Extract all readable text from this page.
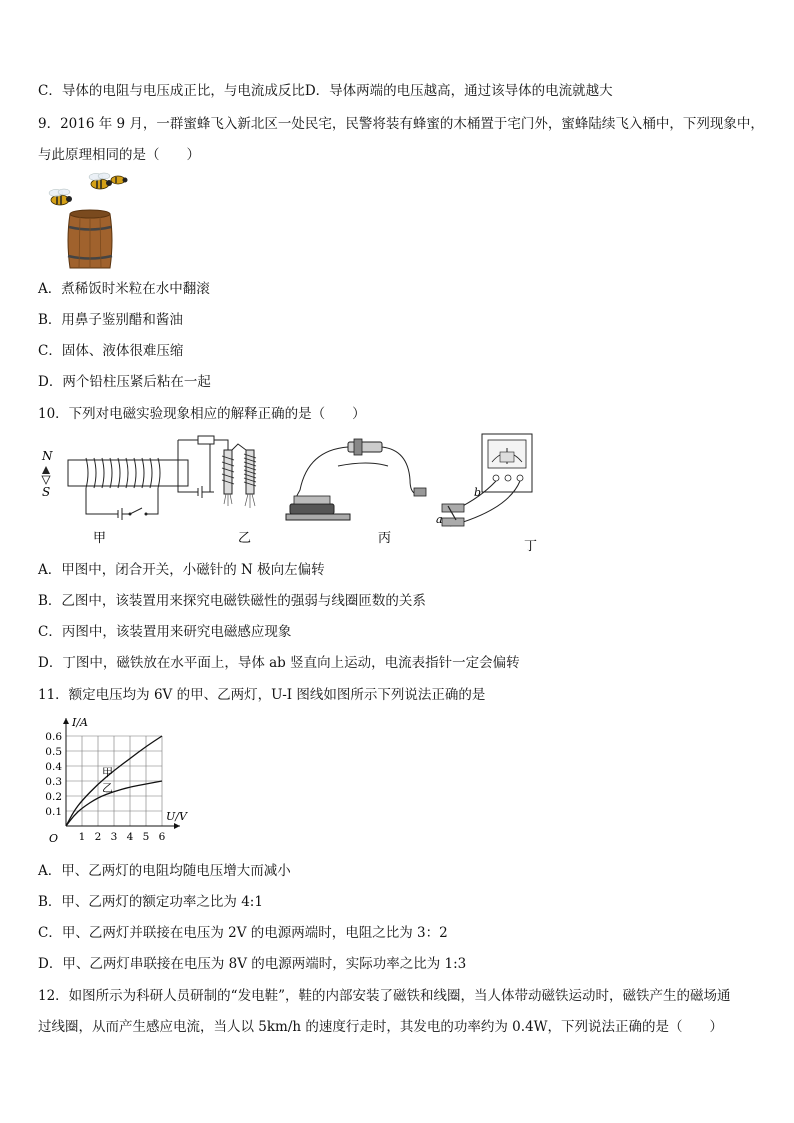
C．导体的电阻与电压成正比，与电流成反比D．导体两端的电压越高，通过该导体的电流就越大
9．2016 年 9 月，一群蜜蜂飞入新北区一处民宅，民警将装有蜂蜜的木桶置于宅门外，蜜蜂陆续飞入桶中，下列现象中，
与此原理相同的是（　　）
A．煮稀饭时米粒在水中翻滚
B．用鼻子鉴别醋和酱油
C．固体、液体很难压缩
D．两个铅柱压紧后粘在一起
10．下列对电磁实验现象相应的解释正确的是（　　）
N
S
甲	乙	丙
a
b
丁
A．甲图中，闭合开关，小磁针的 N 极向左偏转
B．乙图中，该装置用来探究电磁铁磁性的强弱与线圈匝数的关系
C．丙图中，该装置用来研究电磁感应现象
D．丁图中，磁铁放在水平面上，导体 ab 竖直向上运动，电流表指针一定会偏转
11．额定电压均为 6V 的甲、乙两灯，U-I 图线如图所示下列说法正确的是
1 2 3 4 5 6
0.1
0.2
0.3
0.4
0.5
0.6
O
I/A
U/V
甲
乙
A．甲、乙两灯的电阻均随电压增大而减小
B．甲、乙两灯的额定功率之比为 4:1
C．甲、乙两灯并联接在电压为 2V 的电源两端时，电阻之比为 3：2
D．甲、乙两灯串联接在电压为 8V 的电源两端时，实际功率之比为 1:3
12．如图所示为科研人员研制的“发电鞋”，鞋的内部安装了磁铁和线圈，当人体带动磁铁运动时，磁铁产生的磁场通
过线圈，从而产生感应电流，当人以 5km/h 的速度行走时，其发电的功率约为 0.4W，下列说法正确的是（　　）
